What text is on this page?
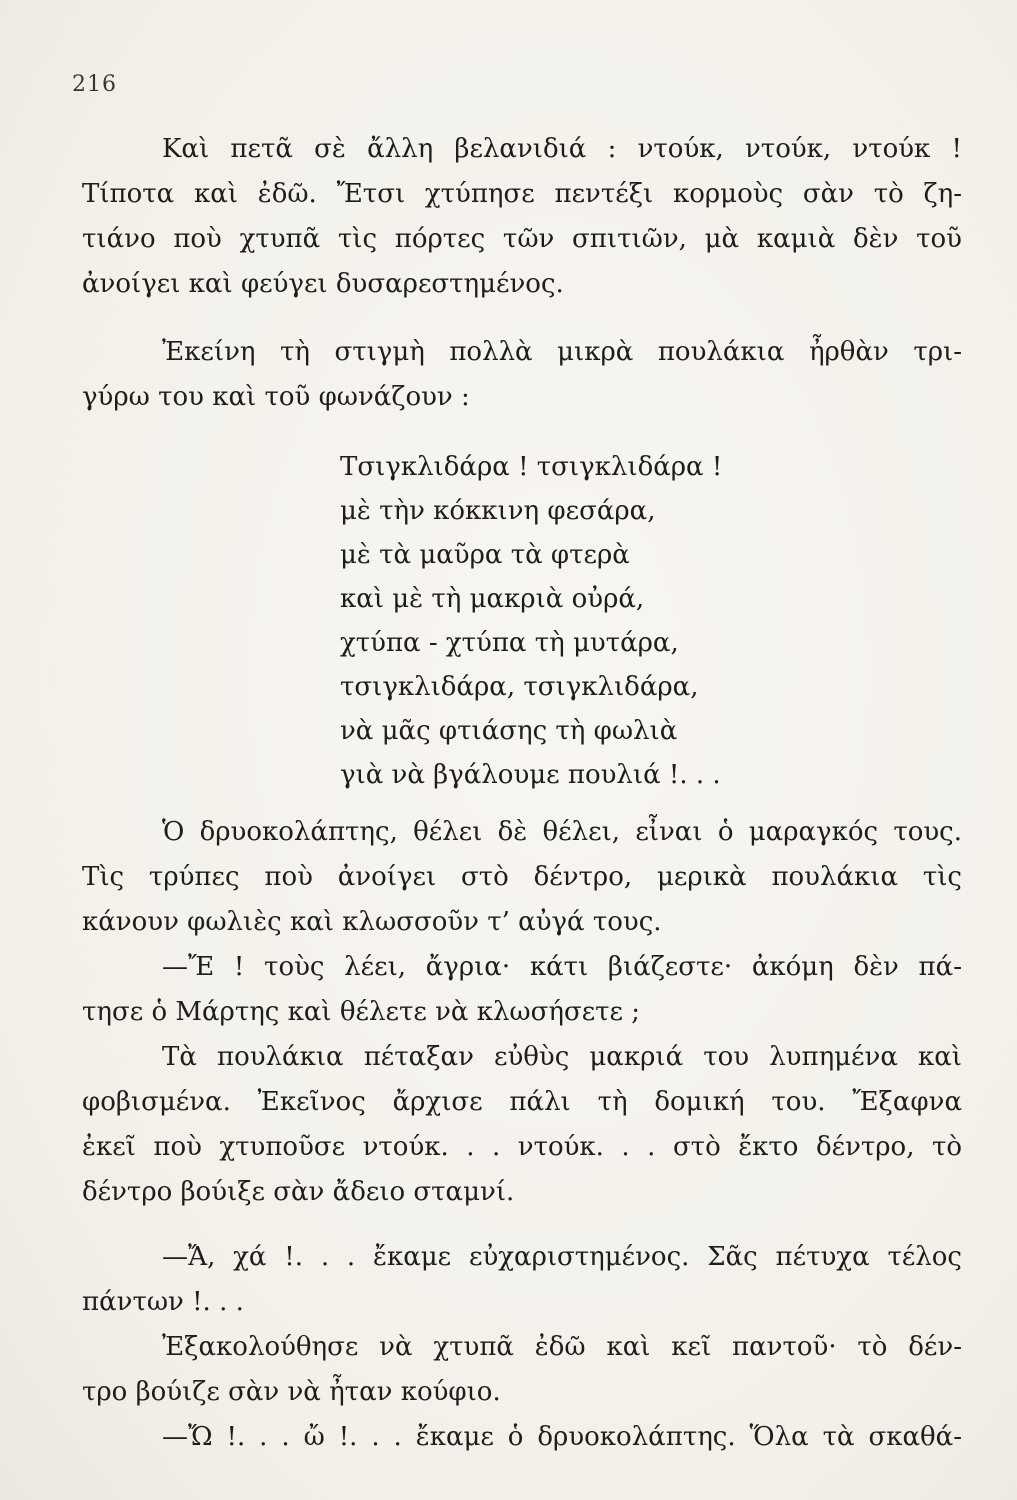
216
Καὶ πετᾶ σὲ ἄλλη βελανιδιά : ντούκ, ντούκ, ντούκ !
Τίποτα καὶ ἐδῶ. Ἔτσι χτύπησε πεντέξι κορμοὺς σὰν τὸ ζη-
τιάνο ποὺ χτυπᾶ τὶς πόρτες τῶν σπιτιῶν, μὰ καμιὰ δὲν τοῦ
ἀνοίγει καὶ φεύγει δυσαρεστημένος.
Ἐκείνη τὴ στιγμὴ πολλὰ μικρὰ πουλάκια ἦρθὰν τρι-
γύρω του καὶ τοῦ φωνάζουν :
Τσιγκλιδάρα ! τσιγκλιδάρα !
μὲ τὴν κόκκινη φεσάρα,
μὲ τὰ μαῦρα τὰ φτερὰ
καὶ μὲ τὴ μακριὰ οὐρά,
χτύπα - χτύπα τὴ μυτάρα,
τσιγκλιδάρα, τσιγκλιδάρα,
νὰ μᾶς φτιάσης τὴ φωλιὰ
γιὰ νὰ βγάλουμε πουλιά !. . .
Ὁ δρυοκολάπτης, θέλει δὲ θέλει, εἶναι ὁ μαραγκός τους.
Τὶς τρύπες ποὺ ἀνοίγει στὸ δέντρο, μερικὰ πουλάκια τὶς
κάνουν φωλιὲς καὶ κλωσσοῦν τ’ αὐγά τους.
—Ἔ ! τοὺς λέει, ἄγρια· κάτι βιάζεστε· ἀκόμη δὲν πά-
τησε ὁ Μάρτης καὶ θέλετε νὰ κλωσήσετε ;
Τὰ πουλάκια πέταξαν εὐθὺς μακριά του λυπημένα καὶ
φοβισμένα. Ἐκεῖνος ἄρχισε πάλι τὴ δομική του. Ἔξαφνα
ἐκεῖ ποὺ χτυποῦσε ντούκ. . . ντούκ. . . στὸ ἔκτο δέντρο, τὸ
δέντρο βούιξε σὰν ἄδειο σταμνί.
—Ἄ, χά !. . . ἔκαμε εὐχαριστημένος. Σᾶς πέτυχα τέλος
πάντων !. . .
Ἐξακολούθησε νὰ χτυπᾶ ἐδῶ καὶ κεῖ παντοῦ· τὸ δέν-
τρο βούιζε σὰν νὰ ἦταν κούφιο.
—Ὤ !. . . ὤ !. . . ἔκαμε ὁ δρυοκολάπτης. Ὅλα τὰ σκαθά-
